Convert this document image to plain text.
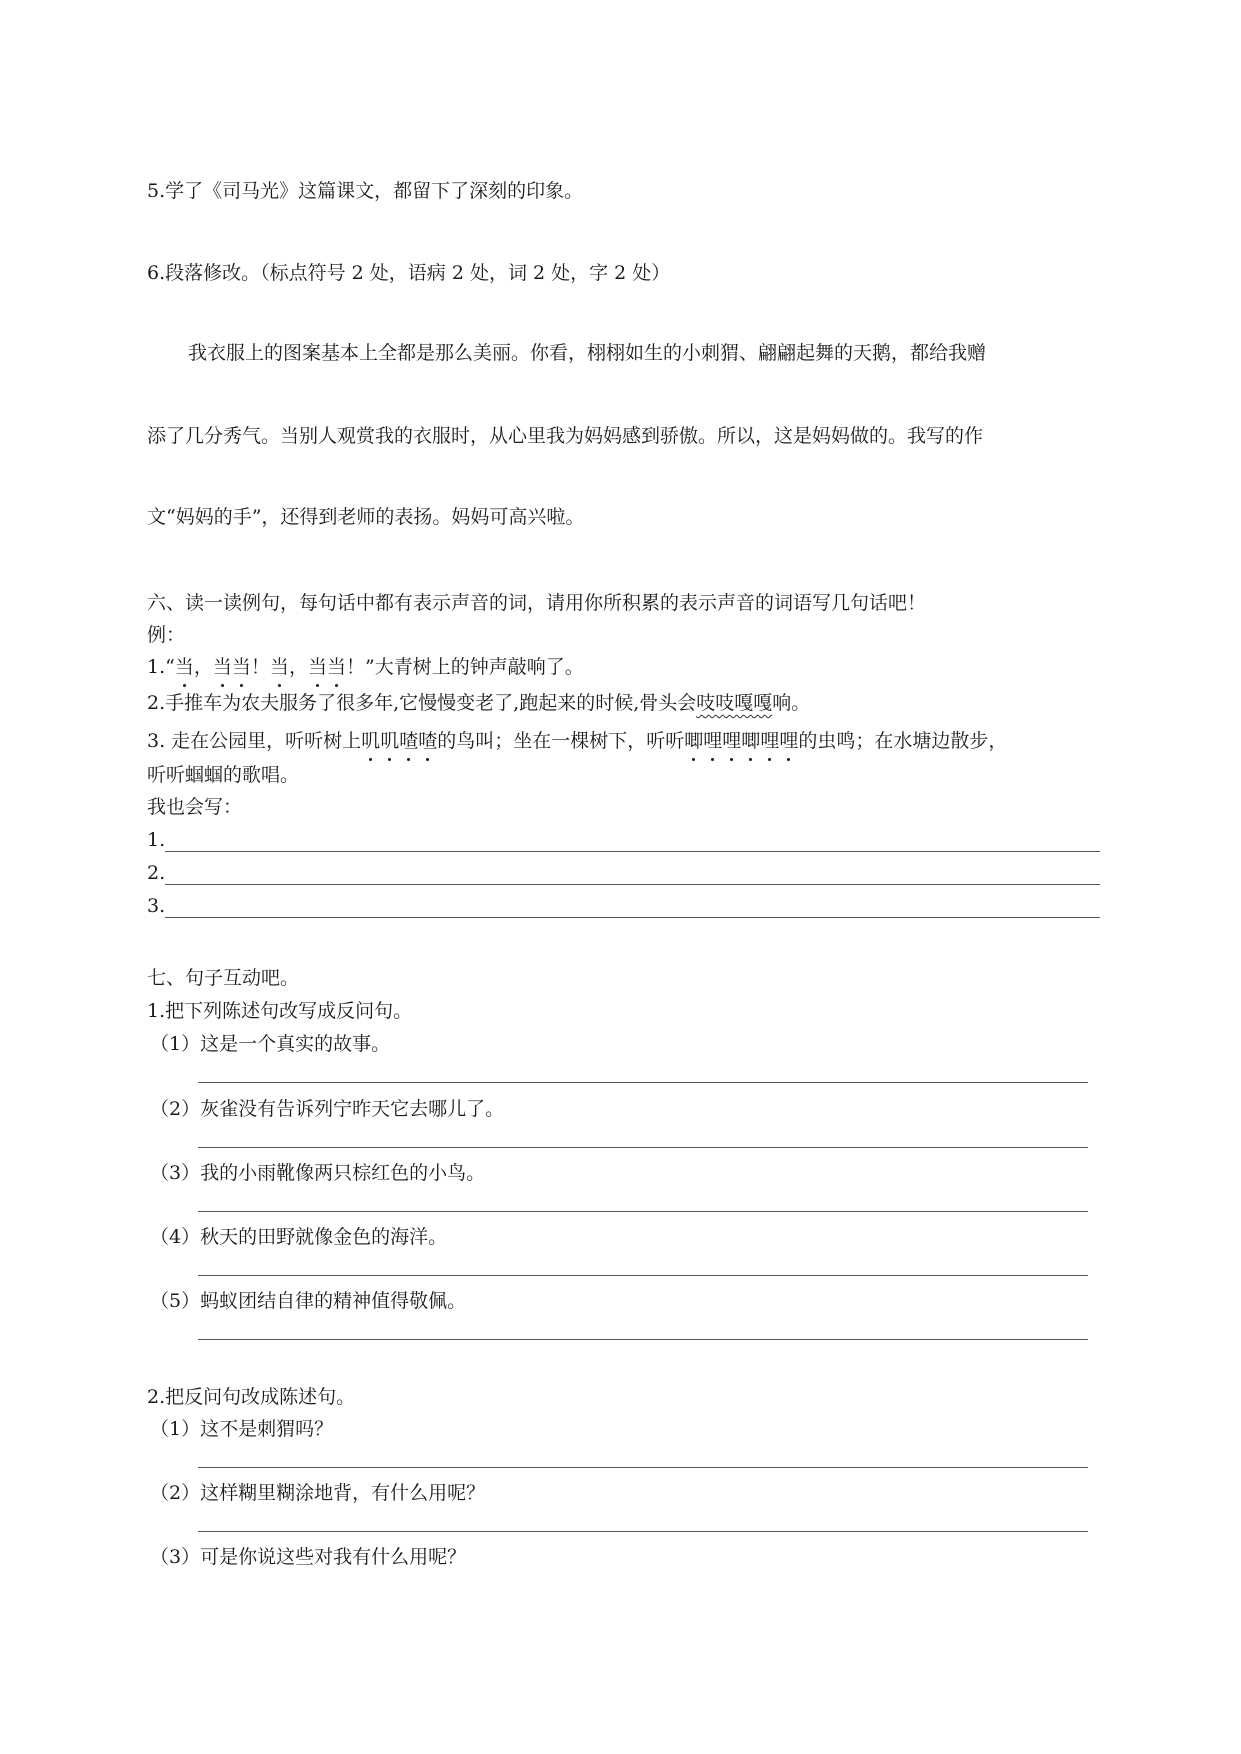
5.学了《司马光》这篇课文，都留下了深刻的印象。
6.段落修改。（标点符号 2 处，语病 2 处，词 2 处，字 2 处）
我衣服上的图案基本上全都是那么美丽。你看，栩栩如生的小刺猬、翩翩起舞的天鹅，都给我赠
添了几分秀气。当别人观赏我的衣服时，从心里我为妈妈感到骄傲。所以，这是妈妈做的。我写的作
文“妈妈的手”，还得到老师的表扬。妈妈可高兴啦。
六、读一读例句，每句话中都有表示声音的词，请用你所积累的表示声音的词语写几句话吧！
例：
1.“当，当当！当，当当！”大青树上的钟声敲响了。
2.手推车为农夫服务了很多年,它慢慢变老了,跑起来的时候,骨头会吱吱嘎嘎响。
3. 走在公园里，听听树上叽叽喳喳的鸟叫；坐在一棵树下，听听唧哩哩唧哩哩的虫鸣；在水塘边散步，
听听蝈蝈的歌唱。
我也会写：
1.
2.
3.
七、句子互动吧。
1.把下列陈述句改写成反问句。
（1）这是一个真实的故事。
（2）灰雀没有告诉列宁昨天它去哪儿了。
（3）我的小雨靴像两只棕红色的小鸟。
（4）秋天的田野就像金色的海洋。
（5）蚂蚁团结自律的精神值得敬佩。
2.把反问句改成陈述句。
（1）这不是刺猬吗？
（2）这样糊里糊涂地背，有什么用呢？
（3）可是你说这些对我有什么用呢？
